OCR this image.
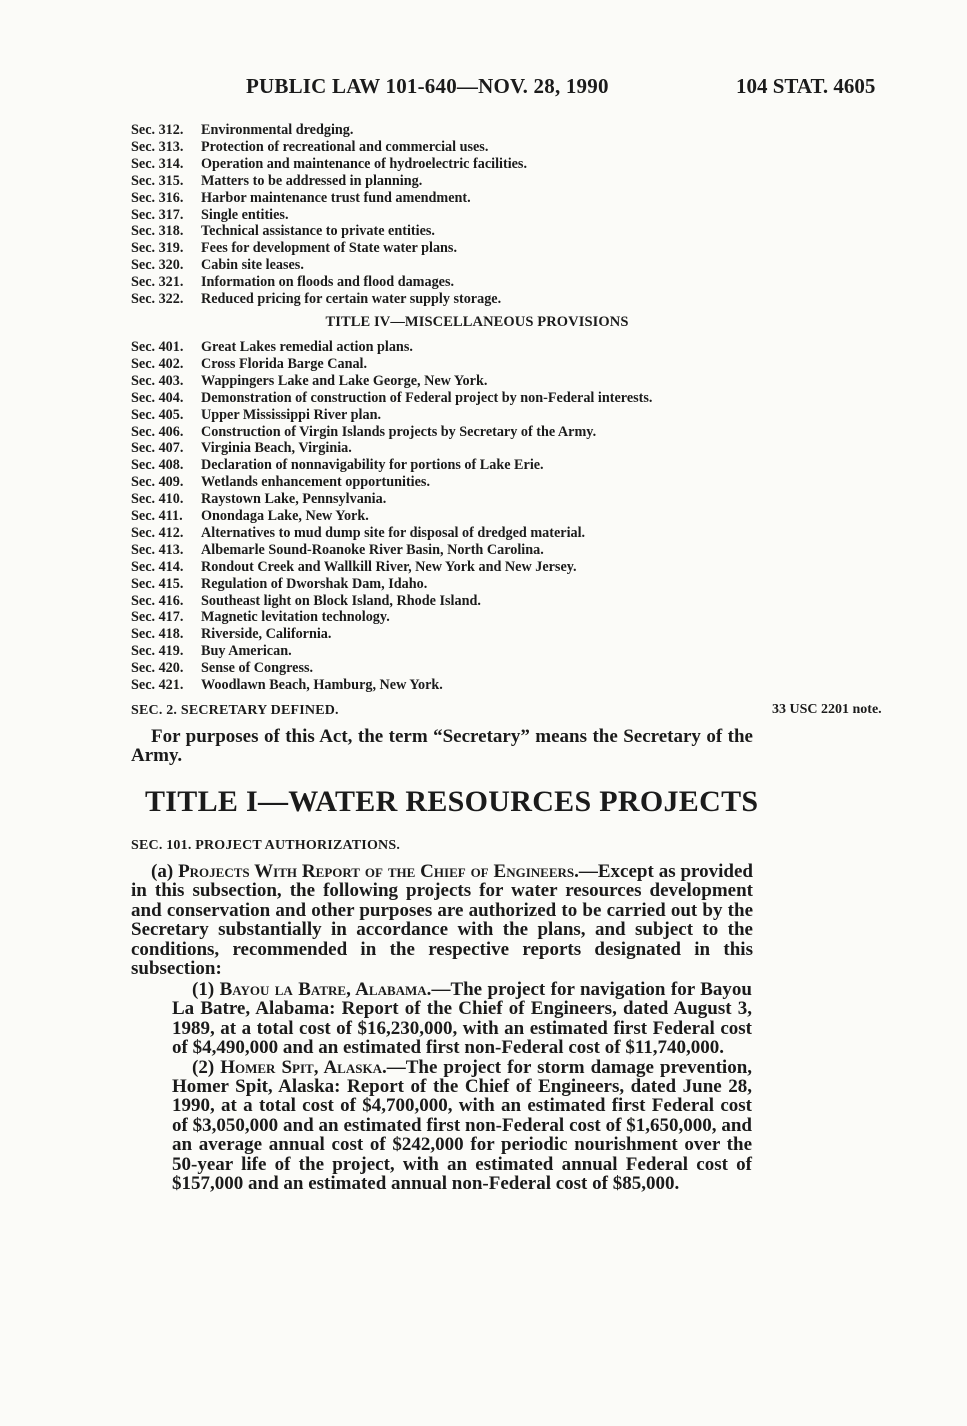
PUBLIC LAW 101-640—NOV. 28, 1990	104 STAT. 4605
Sec. 312. Environmental dredging.
Sec. 313. Protection of recreational and commercial uses.
Sec. 314. Operation and maintenance of hydroelectric facilities.
Sec. 315. Matters to be addressed in planning.
Sec. 316. Harbor maintenance trust fund amendment.
Sec. 317. Single entities.
Sec. 318. Technical assistance to private entities.
Sec. 319. Fees for development of State water plans.
Sec. 320. Cabin site leases.
Sec. 321. Information on floods and flood damages.
Sec. 322. Reduced pricing for certain water supply storage.
TITLE IV—MISCELLANEOUS PROVISIONS
Sec. 401. Great Lakes remedial action plans.
Sec. 402. Cross Florida Barge Canal.
Sec. 403. Wappingers Lake and Lake George, New York.
Sec. 404. Demonstration of construction of Federal project by non-Federal interests.
Sec. 405. Upper Mississippi River plan.
Sec. 406. Construction of Virgin Islands projects by Secretary of the Army.
Sec. 407. Virginia Beach, Virginia.
Sec. 408. Declaration of nonnavigability for portions of Lake Erie.
Sec. 409. Wetlands enhancement opportunities.
Sec. 410. Raystown Lake, Pennsylvania.
Sec. 411. Onondaga Lake, New York.
Sec. 412. Alternatives to mud dump site for disposal of dredged material.
Sec. 413. Albemarle Sound-Roanoke River Basin, North Carolina.
Sec. 414. Rondout Creek and Wallkill River, New York and New Jersey.
Sec. 415. Regulation of Dworshak Dam, Idaho.
Sec. 416. Southeast light on Block Island, Rhode Island.
Sec. 417. Magnetic levitation technology.
Sec. 418. Riverside, California.
Sec. 419. Buy American.
Sec. 420. Sense of Congress.
Sec. 421. Woodlawn Beach, Hamburg, New York.
SEC. 2. SECRETARY DEFINED.	33 USC 2201 note.
For purposes of this Act, the term “Secretary” means the Secretary of the Army.
TITLE I—WATER RESOURCES PROJECTS
SEC. 101. PROJECT AUTHORIZATIONS.
(a) Projects With Report of the Chief of Engineers.—Except as provided in this subsection, the following projects for water resources development and conservation and other purposes are authorized to be carried out by the Secretary substantially in accordance with the plans, and subject to the conditions, recommended in the respective reports designated in this subsection:

(1) Bayou la Batre, Alabama.—The project for navigation for Bayou La Batre, Alabama: Report of the Chief of Engineers, dated August 3, 1989, at a total cost of $16,230,000, with an estimated first Federal cost of $4,490,000 and an estimated first non-Federal cost of $11,740,000.

(2) Homer Spit, Alaska.—The project for storm damage prevention, Homer Spit, Alaska: Report of the Chief of Engineers, dated June 28, 1990, at a total cost of $4,700,000, with an estimated first Federal cost of $3,050,000 and an estimated first non-Federal cost of $1,650,000, and an average annual cost of $242,000 for periodic nourishment over the 50-year life of the project, with an estimated annual Federal cost of $157,000 and an estimated annual non-Federal cost of $85,000.
